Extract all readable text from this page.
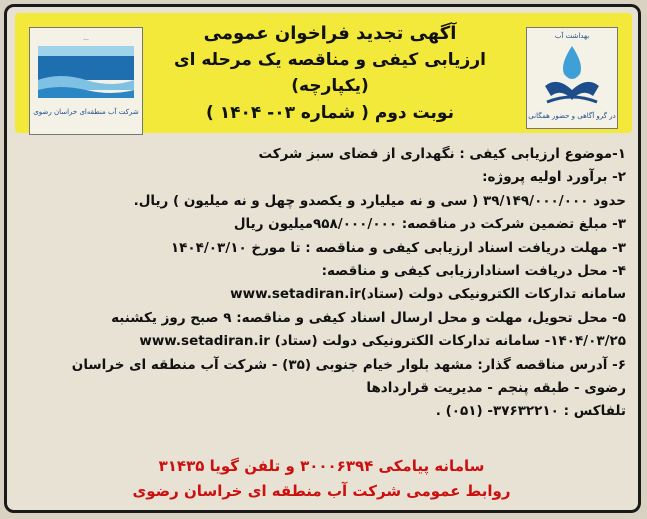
...
شرکت آب منطقه‌ای خراسان رضوی
آگهی تجدید فراخوان عمومی
ارزیابی کیفی و مناقصه یک مرحله ای (یکپارچه)
نوبت دوم ( شماره ۰۳- ۱۴۰۴ )
بهداشت آب
در گرو آگاهی و حضور همگانی
۱-موضوع ارزیابی کیفی : نگهداری از فضای سبز شرکت
۲- برآورد اولیه پروژه:
حدود ۳۹/۱۴۹/۰۰۰/۰۰۰ ( سی و نه میلیارد و یکصدو چهل و نه میلیون ) ریال.
۳- مبلغ تضمین شرکت در مناقصه: ۹۵۸/۰۰۰/۰۰۰میلیون ریال
۳- مهلت دریافت اسناد ارزیابی کیفی و مناقصه : تا مورخ ۱۴۰۴/۰۳/۱۰
۴- محل دریافت اسنادارزیابی کیفی و مناقصه:
سامانه تدارکات الکترونیکی دولت (ستاد)www.setadiran.ir
۵- محل تحویل، مهلت و محل ارسال اسناد کیفی و مناقصه: ۹ صبح روز یکشنبه
۱۴۰۴/۰۳/۲۵- سامانه تدارکات الکترونیکی دولت (ستاد) www.setadiran.ir
۶- آدرس مناقصه گذار: مشهد بلوار خیام جنوبی (۳۵) - شرکت آب منطقه ای خراسان
رضوی - طبقه پنجم - مدیریت قراردادها
تلفاکس : ۳۷۶۳۲۲۱۰- (۰۵۱) .
سامانه پیامکی ۳۰۰۰۶۳۹۴ و تلفن گویا ۳۱۴۳۵
روابط عمومی شرکت آب منطقه ای خراسان رضوی
